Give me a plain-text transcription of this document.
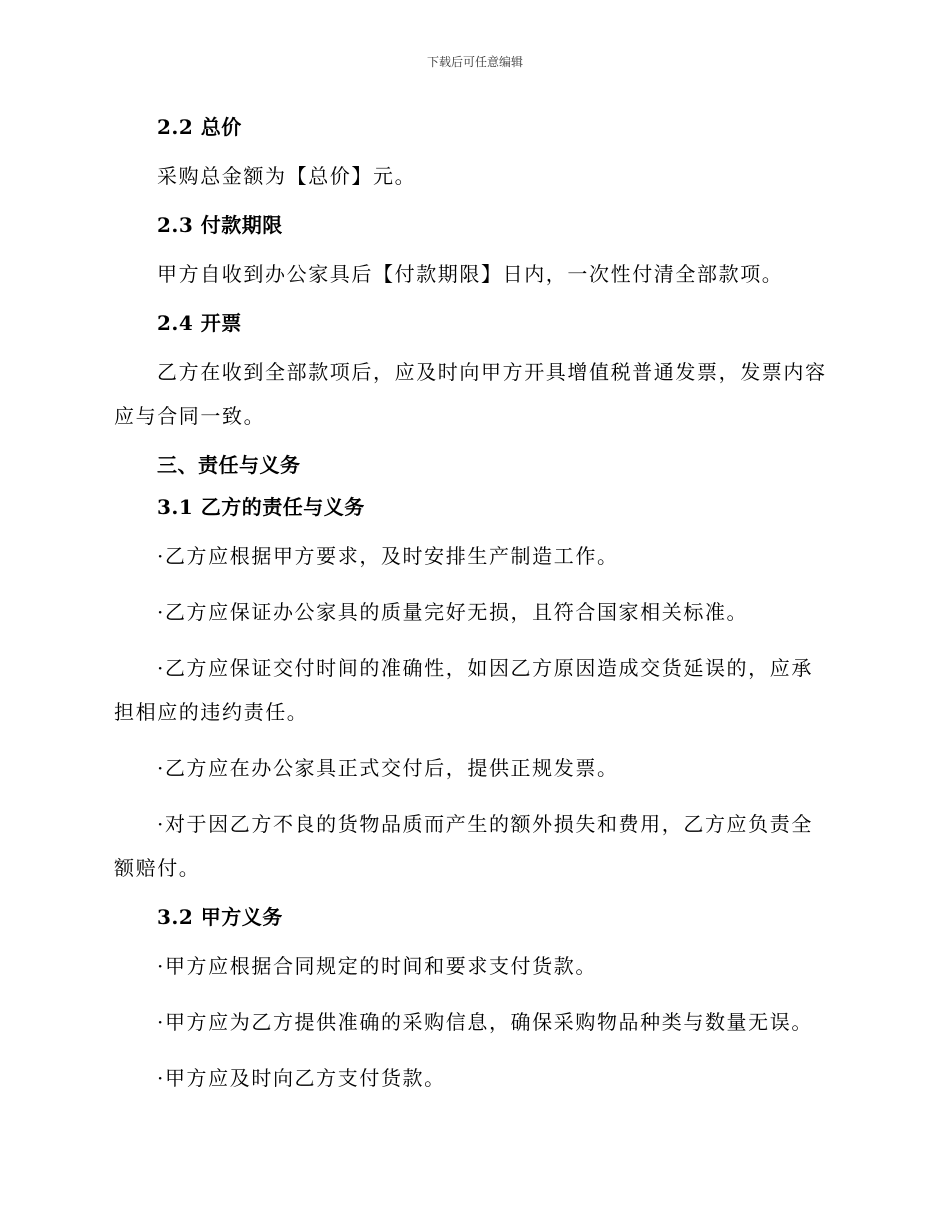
下载后可任意编辑

2.2 总价

采购总金额为【总价】元。

2.3 付款期限

甲方自收到办公家具后【付款期限】日内，一次性付清全部款项。

2.4 开票

乙方在收到全部款项后，应及时向甲方开具增值税普通发票，发票内容应与合同一致。

三、责任与义务

3.1 乙方的责任与义务

·乙方应根据甲方要求，及时安排生产制造工作。

·乙方应保证办公家具的质量完好无损，且符合国家相关标准。

·乙方应保证交付时间的准确性，如因乙方原因造成交货延误的，应承担相应的违约责任。

·乙方应在办公家具正式交付后，提供正规发票。

·对于因乙方不良的货物品质而产生的额外损失和费用，乙方应负责全额赔付。

3.2 甲方义务

·甲方应根据合同规定的时间和要求支付货款。

·甲方应为乙方提供准确的采购信息，确保采购物品种类与数量无误。

·甲方应及时向乙方支付货款。
